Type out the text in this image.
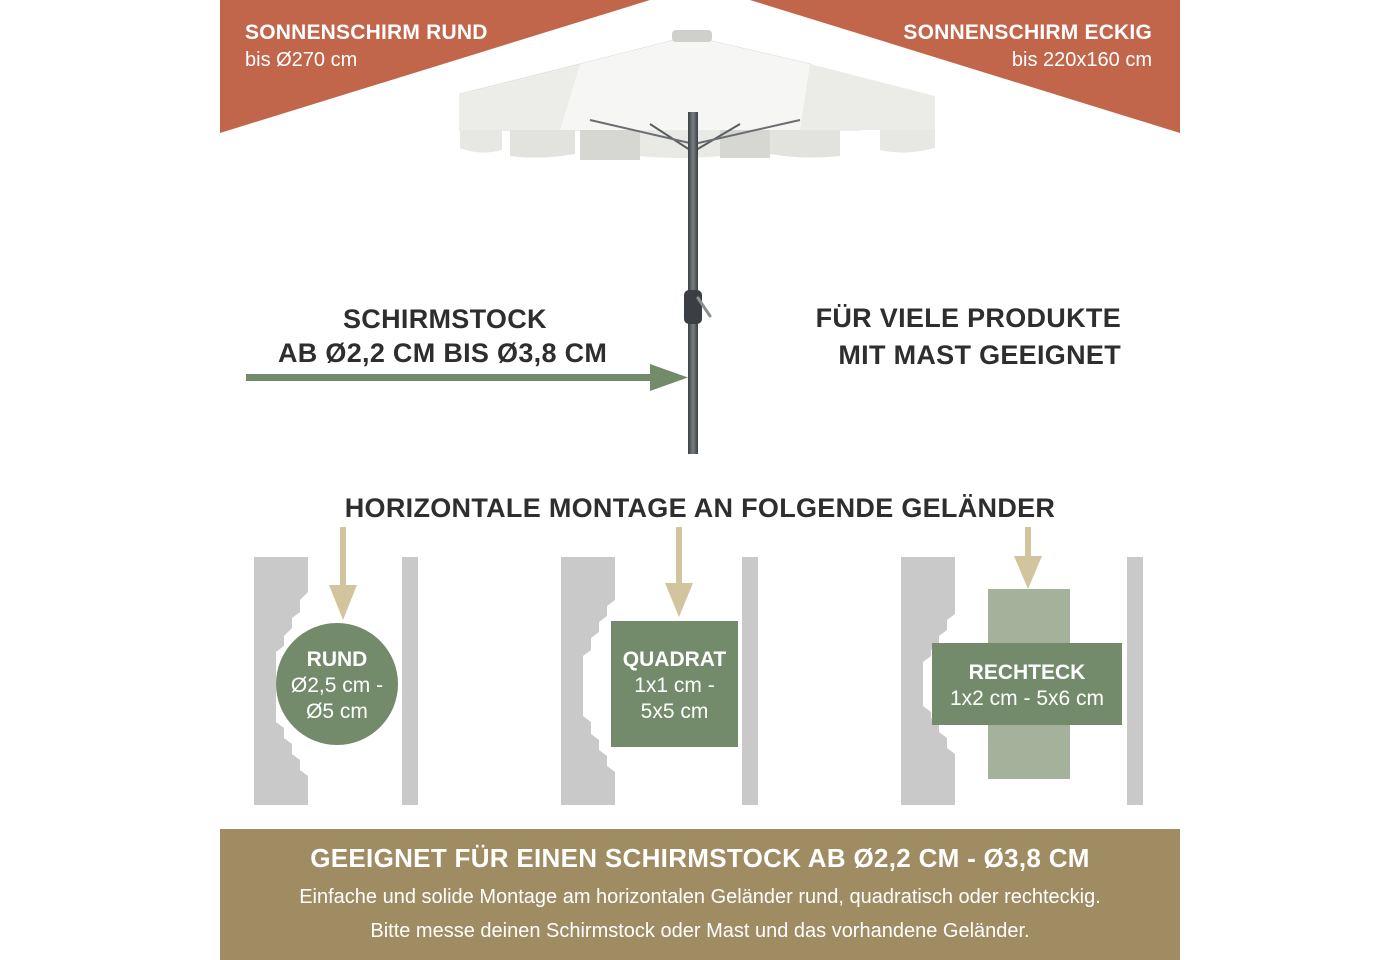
SONNENSCHIRM RUND
bis Ø270 cm
SONNENSCHIRM ECKIG
bis 220x160 cm
SCHIRMSTOCK
AB Ø2,2 CM BIS Ø3,8 CM
FÜR VIELE PRODUKTE
MIT MAST GEEIGNET
HORIZONTALE MONTAGE AN FOLGENDE GELÄNDER
RUND
Ø2,5 cm -
Ø5 cm
QUADRAT
1x1 cm -
5x5 cm
RECHTECK
1x2 cm - 5x6 cm
GEEIGNET FÜR EINEN SCHIRMSTOCK AB Ø2,2 CM - Ø3,8 CM
Einfache und solide Montage am horizontalen Geländer rund, quadratisch oder rechteckig.
Bitte messe deinen Schirmstock oder Mast und das vorhandene Geländer.
